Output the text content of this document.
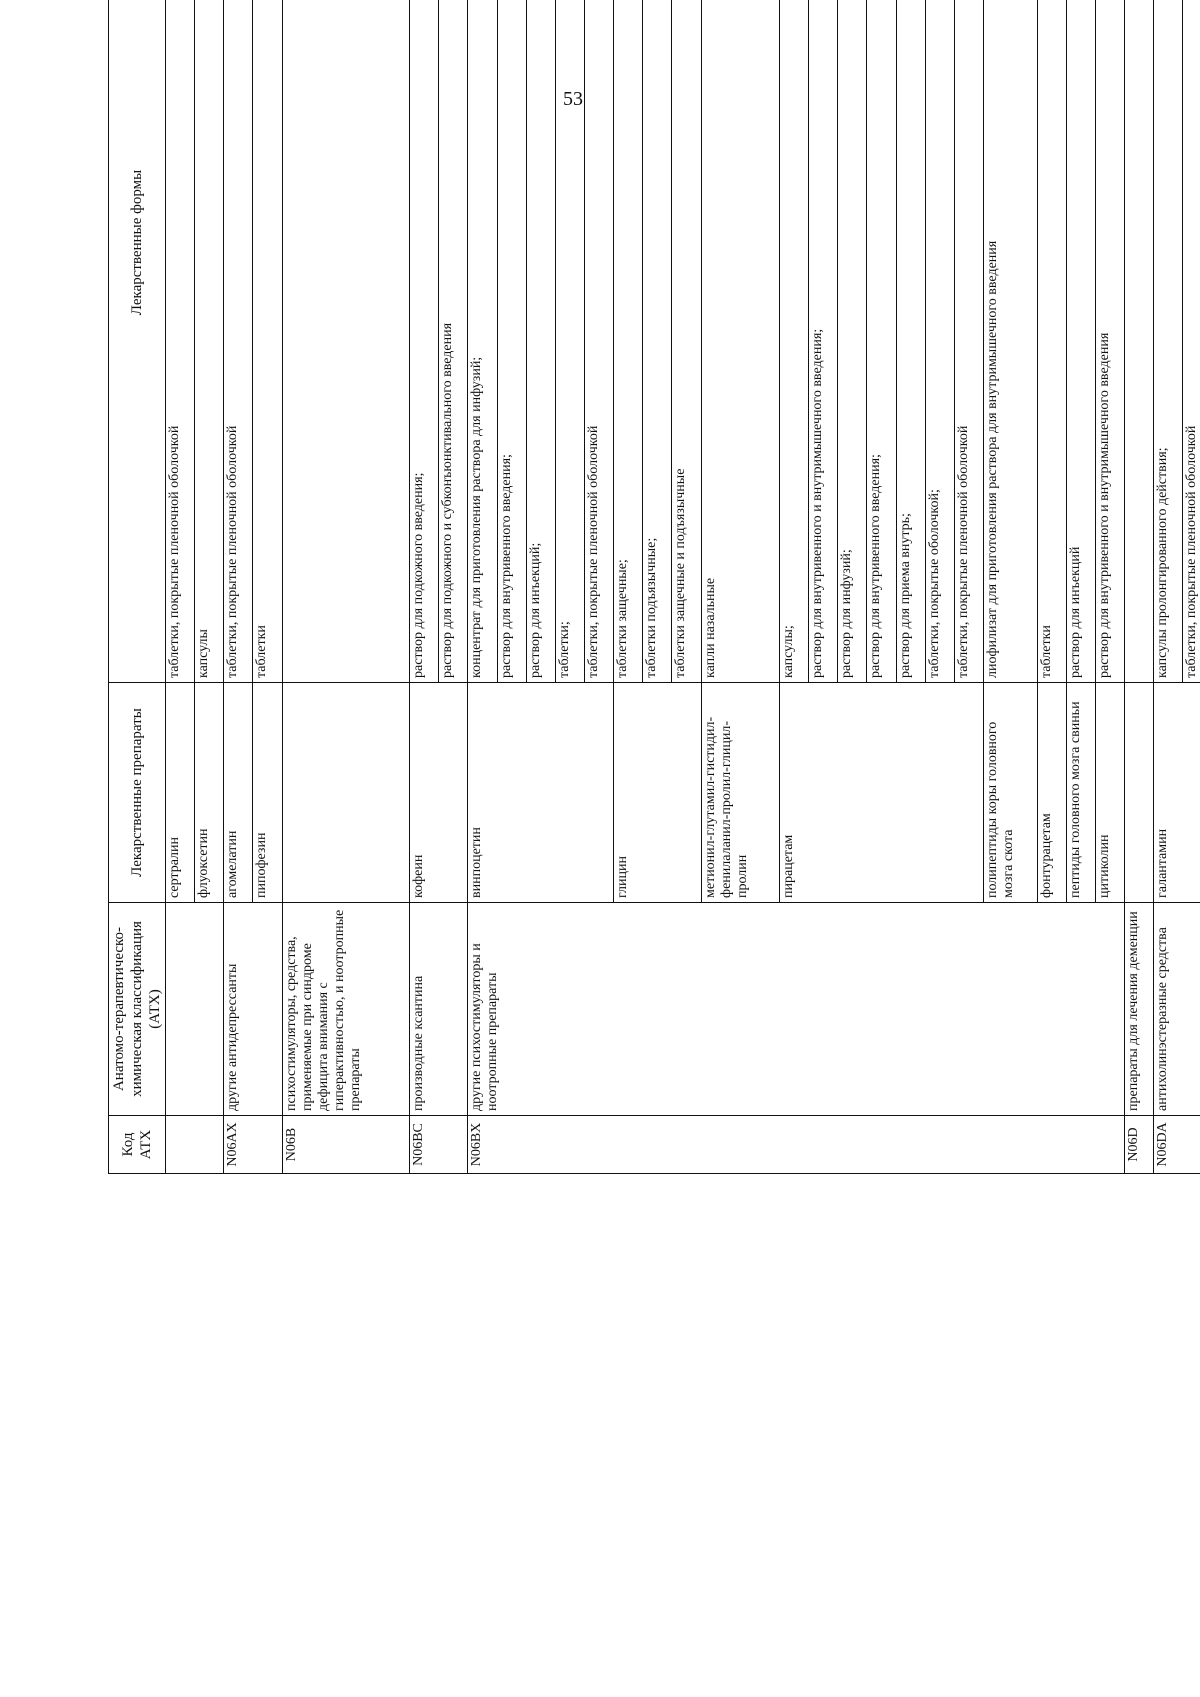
53
Код АТХ	Анатомо-терапевтическо-химическая классификация (АТХ)	Лекарственные препараты	Лекарственные формы	
		сертралин	таблетки, покрытые пленочной оболочкой	
		флуоксетин	капсулы	
N06AX	другие антидепрессанты	агомелатин	таблетки, покрытые пленочной оболочкой	
		пипофезин	таблетки	
N06B	психостимуляторы, средства, применяемые при синдроме дефицита внимания с гиперактивностью, и ноотропные препараты			
N06BC	производные ксантина	кофеин	раствор для подкожного введения;	
			раствор для подкожного и субконъюнктивального введения	
N06BX	другие психостимуляторы и ноотропные препараты	винпоцетин	концентрат для приготовления раствора для инфузий;	
			раствор для внутривенного введения;	
			раствор для инъекций;	
			таблетки;	
			таблетки, покрытые пленочной оболочкой	
		глицин	таблетки защечные;	
			таблетки подъязычные;	
			таблетки защечные и подъязычные	
		метионил-глутамил-гистидил-фенилаланил-пролил-глицил-пролин	капли назальные	
		пирацетам	капсулы;	
			раствор для внутривенного и внутримышечного введения;	
			раствор для инфузий;	
			раствор для внутривенного введения;	
			раствор для приема внутрь;	
			таблетки, покрытые оболочкой;	
			таблетки, покрытые пленочной оболочкой	
		полипептиды коры головного мозга скота	лиофилизат для приготовления раствора для внутримышечного введения	
		фонтурацетам	таблетки	
		пептиды головного мозга свиньи	раствор для инъекций	
		цитиколин	раствор для внутривенного и внутримышечного введения	
N06D	препараты для лечения деменции			
N06DA	антихолинэстеразные средства	галантамин	капсулы пролонгированного действия;	
			таблетки, покрытые пленочной оболочкой	
